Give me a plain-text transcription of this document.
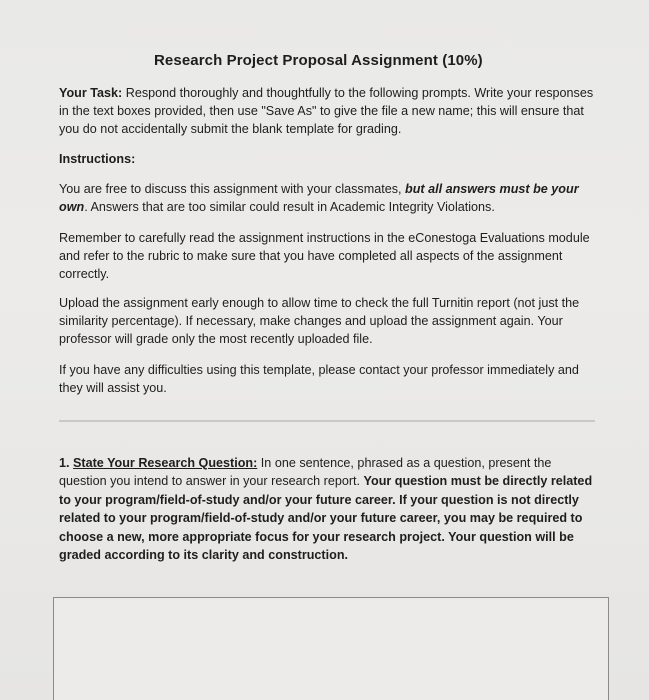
Research Project Proposal Assignment (10%)

Your Task: Respond thoroughly and thoughtfully to the following prompts. Write your responses in the text boxes provided, then use "Save As" to give the file a new name; this will ensure that you do not accidentally submit the blank template for grading.

Instructions:

You are free to discuss this assignment with your classmates, but all answers must be your own. Answers that are too similar could result in Academic Integrity Violations.

Remember to carefully read the assignment instructions in the eConestoga Evaluations module and refer to the rubric to make sure that you have completed all aspects of the assignment correctly.

Upload the assignment early enough to allow time to check the full Turnitin report (not just the similarity percentage). If necessary, make changes and upload the assignment again. Your professor will grade only the most recently uploaded file.

If you have any difficulties using this template, please contact your professor immediately and they will assist you.

1. State Your Research Question: In one sentence, phrased as a question, present the question you intend to answer in your research report. Your question must be directly related to your program/field-of-study and/or your future career. If your question is not directly related to your program/field-of-study and/or your future career, you may be required to choose a new, more appropriate focus for your research project. Your question will be graded according to its clarity and construction.
